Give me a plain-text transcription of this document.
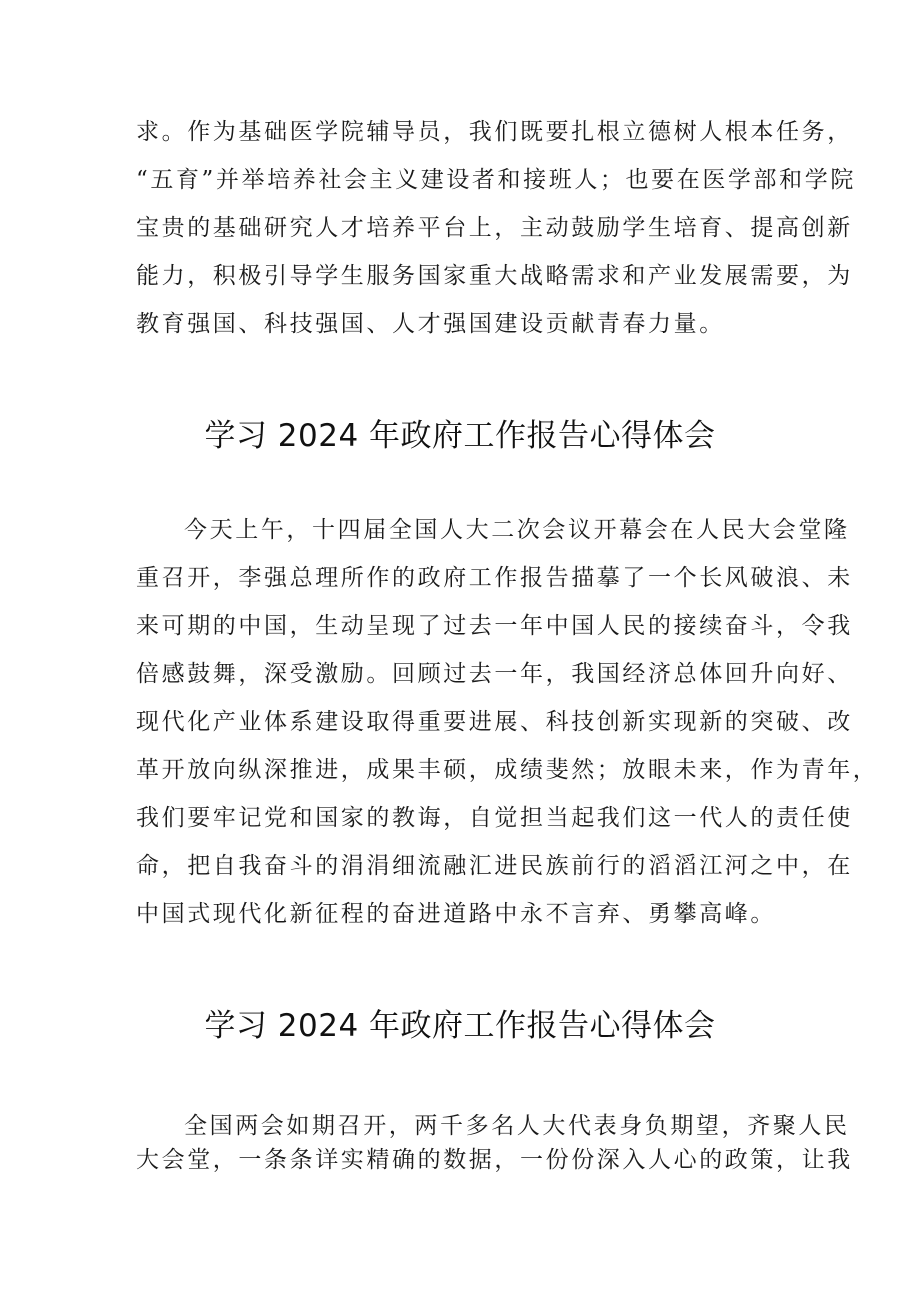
求。作为基础医学院辅导员，我们既要扎根立德树人根本任务，
“五育”并举培养社会主义建设者和接班人；也要在医学部和学院
宝贵的基础研究人才培养平台上，主动鼓励学生培育、提高创新
能力，积极引导学生服务国家重大战略需求和产业发展需要，为
教育强国、科技强国、人才强国建设贡献青春力量。
学习 2024 年政府工作报告心得体会
今天上午，十四届全国人大二次会议开幕会在人民大会堂隆
重召开，李强总理所作的政府工作报告描摹了一个长风破浪、未
来可期的中国，生动呈现了过去一年中国人民的接续奋斗，令我
倍感鼓舞，深受激励。回顾过去一年，我国经济总体回升向好、
现代化产业体系建设取得重要进展、科技创新实现新的突破、改
革开放向纵深推进，成果丰硕，成绩斐然；放眼未来，作为青年，
我们要牢记党和国家的教诲，自觉担当起我们这一代人的责任使
命，把自我奋斗的涓涓细流融汇进民族前行的滔滔江河之中，在
中国式现代化新征程的奋进道路中永不言弃、勇攀高峰。
学习 2024 年政府工作报告心得体会
全国两会如期召开，两千多名人大代表身负期望，齐聚人民
大会堂，一条条详实精确的数据，一份份深入人心的政策，让我
